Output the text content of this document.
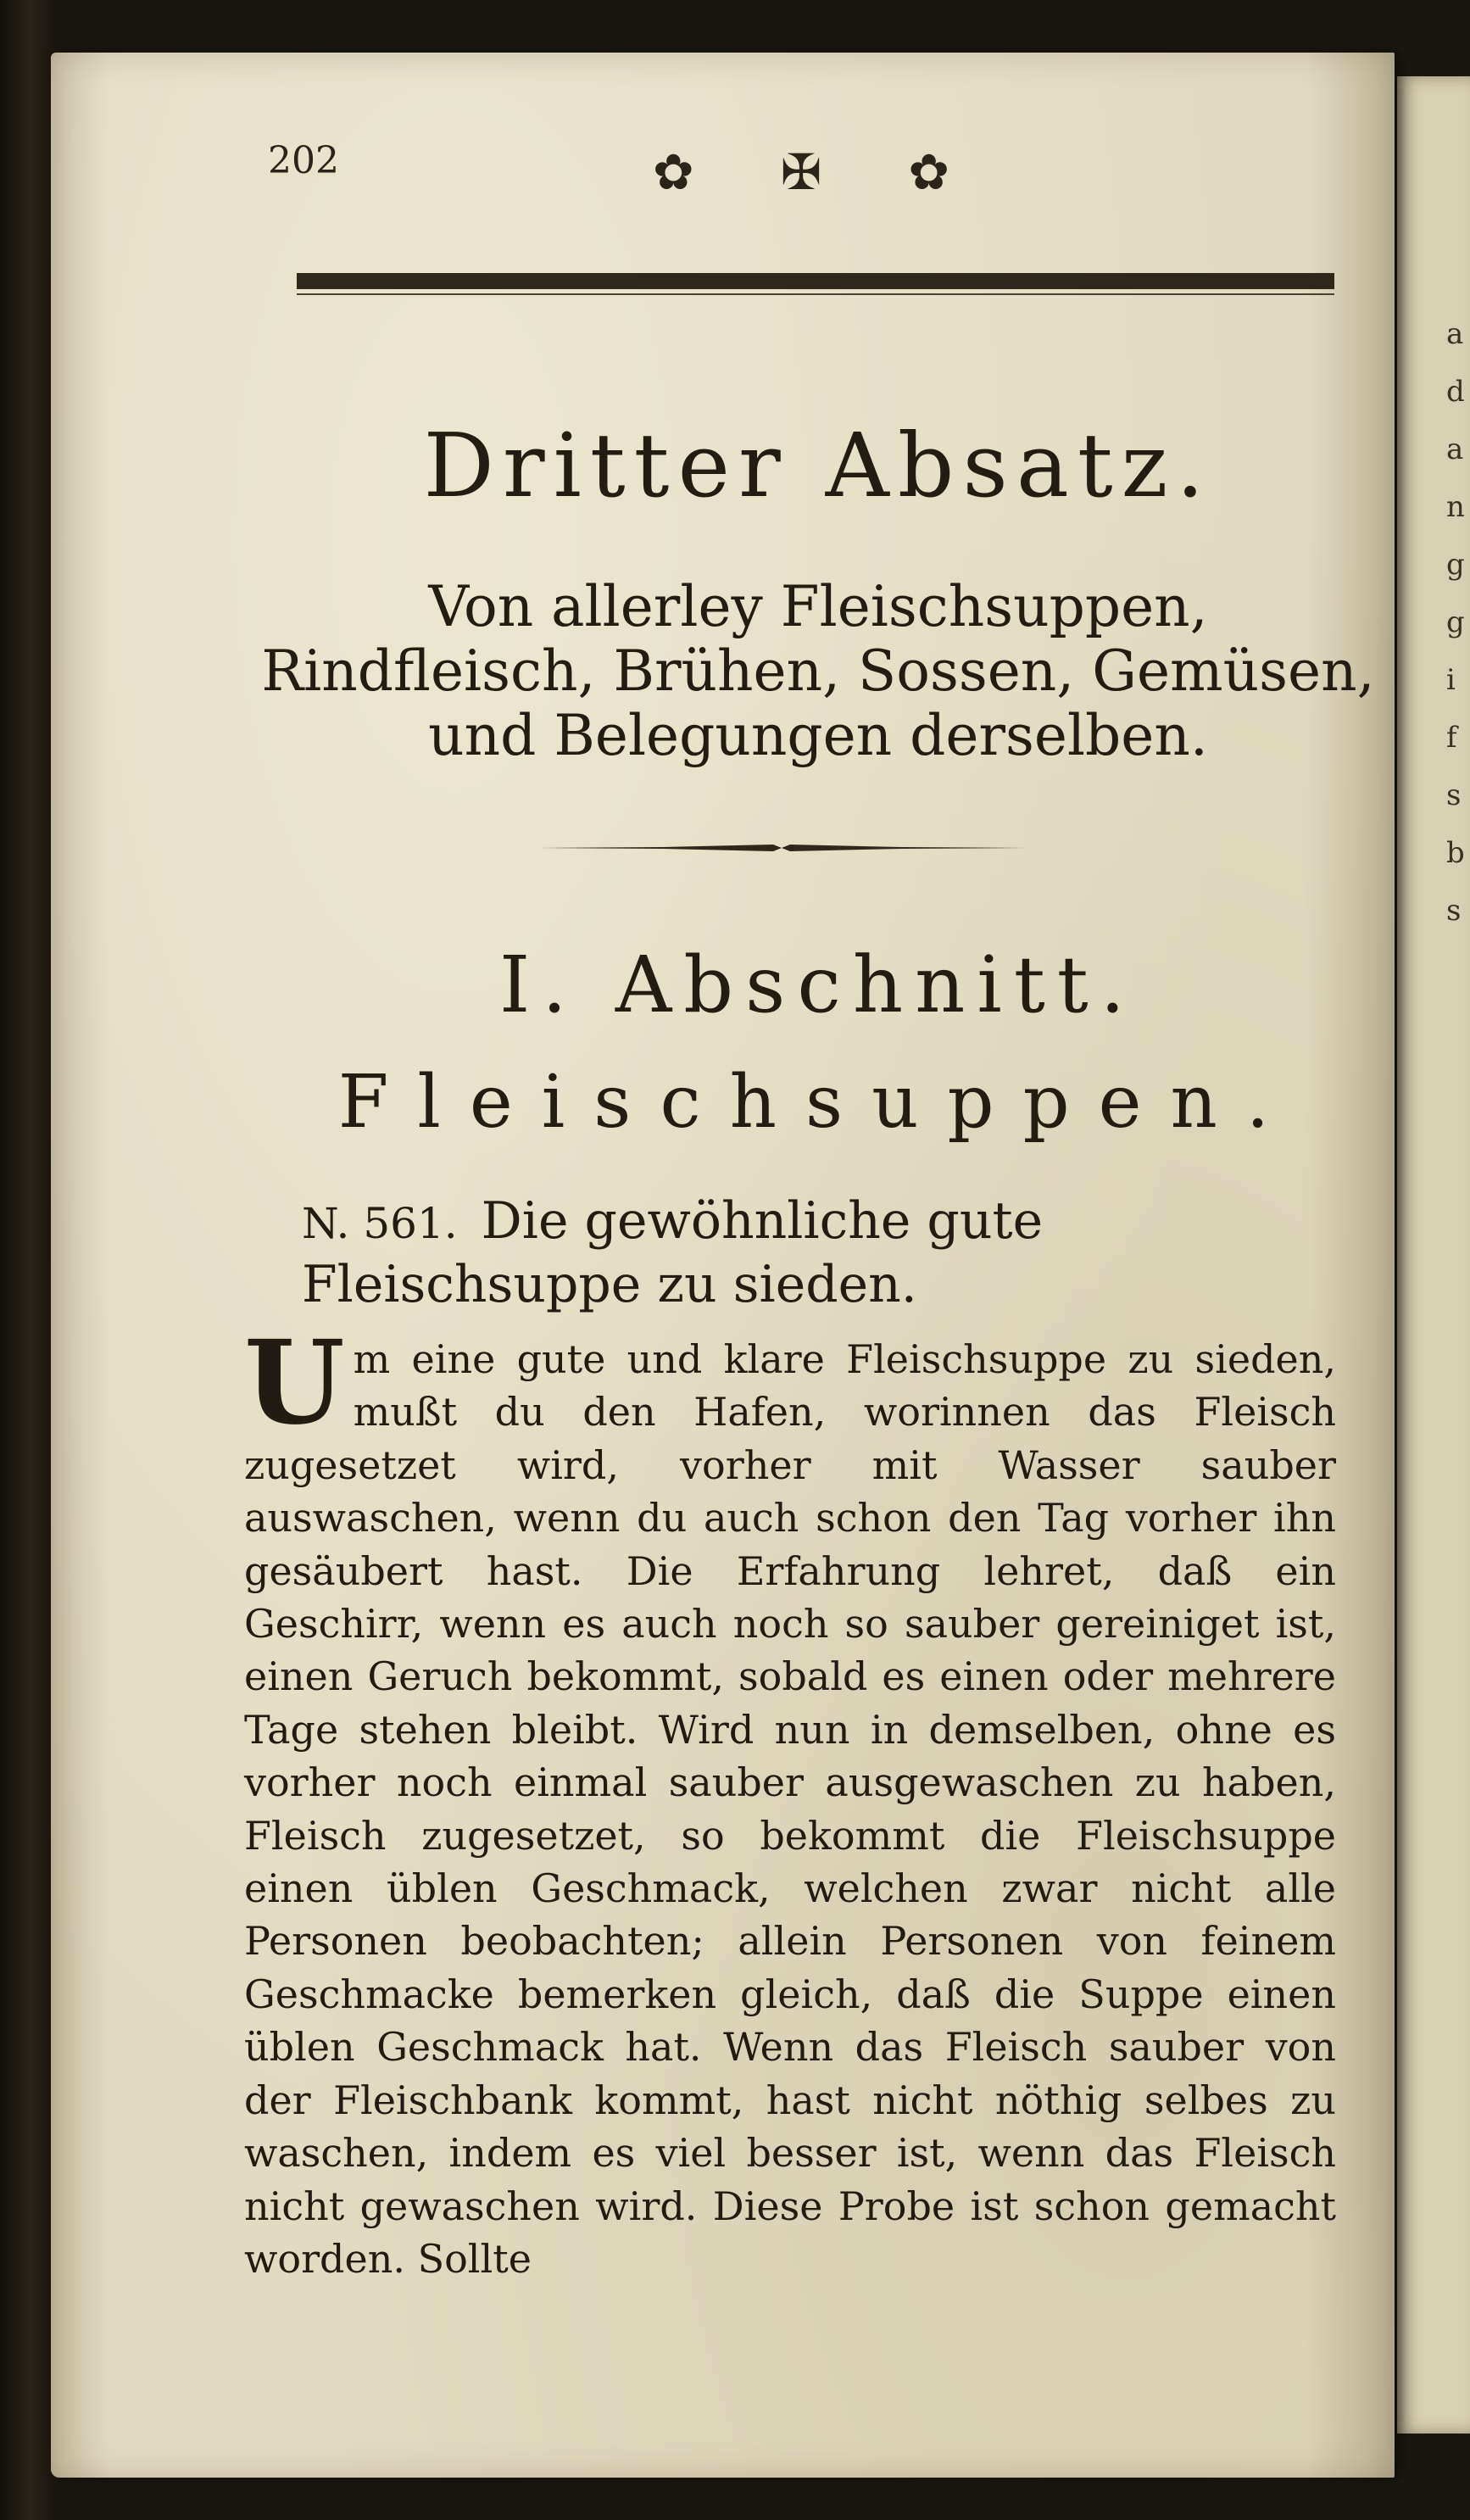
a
d
a
n
g
g
i
f
s
b
s
202	✿ ✠ ✿
Dritter Absatz.
Von allerley Fleischsuppen, Rindfleisch, Brühen, Sossen, Gemüsen, und Belegungen derselben.
I. Abschnitt.
Fleischsuppen.
N. 561. Die gewöhnliche gute Fleischsuppe zu sieden.
Um eine gute und klare Fleischsuppe zu sieden, mußt du den Hafen, worinnen das Fleisch zugesetzet wird, vorher mit Wasser sauber auswaschen, wenn du auch schon den Tag vorher ihn gesäubert hast. Die Erfahrung lehret, daß ein Geschirr, wenn es auch noch so sauber gereiniget ist, einen Geruch bekommt, sobald es einen oder mehrere Tage stehen bleibt. Wird nun in demselben, ohne es vorher noch einmal sauber ausgewaschen zu haben, Fleisch zugesetzet, so bekommt die Fleischsuppe einen üblen Geschmack, welchen zwar nicht alle Personen beobachten; allein Personen von feinem Geschmacke bemerken gleich, daß die Suppe einen üblen Geschmack hat. Wenn das Fleisch sauber von der Fleischbank kommt, hast nicht nöthig selbes zu waschen, indem es viel besser ist, wenn das Fleisch nicht gewaschen wird. Diese Probe ist schon gemacht worden. Sollte
